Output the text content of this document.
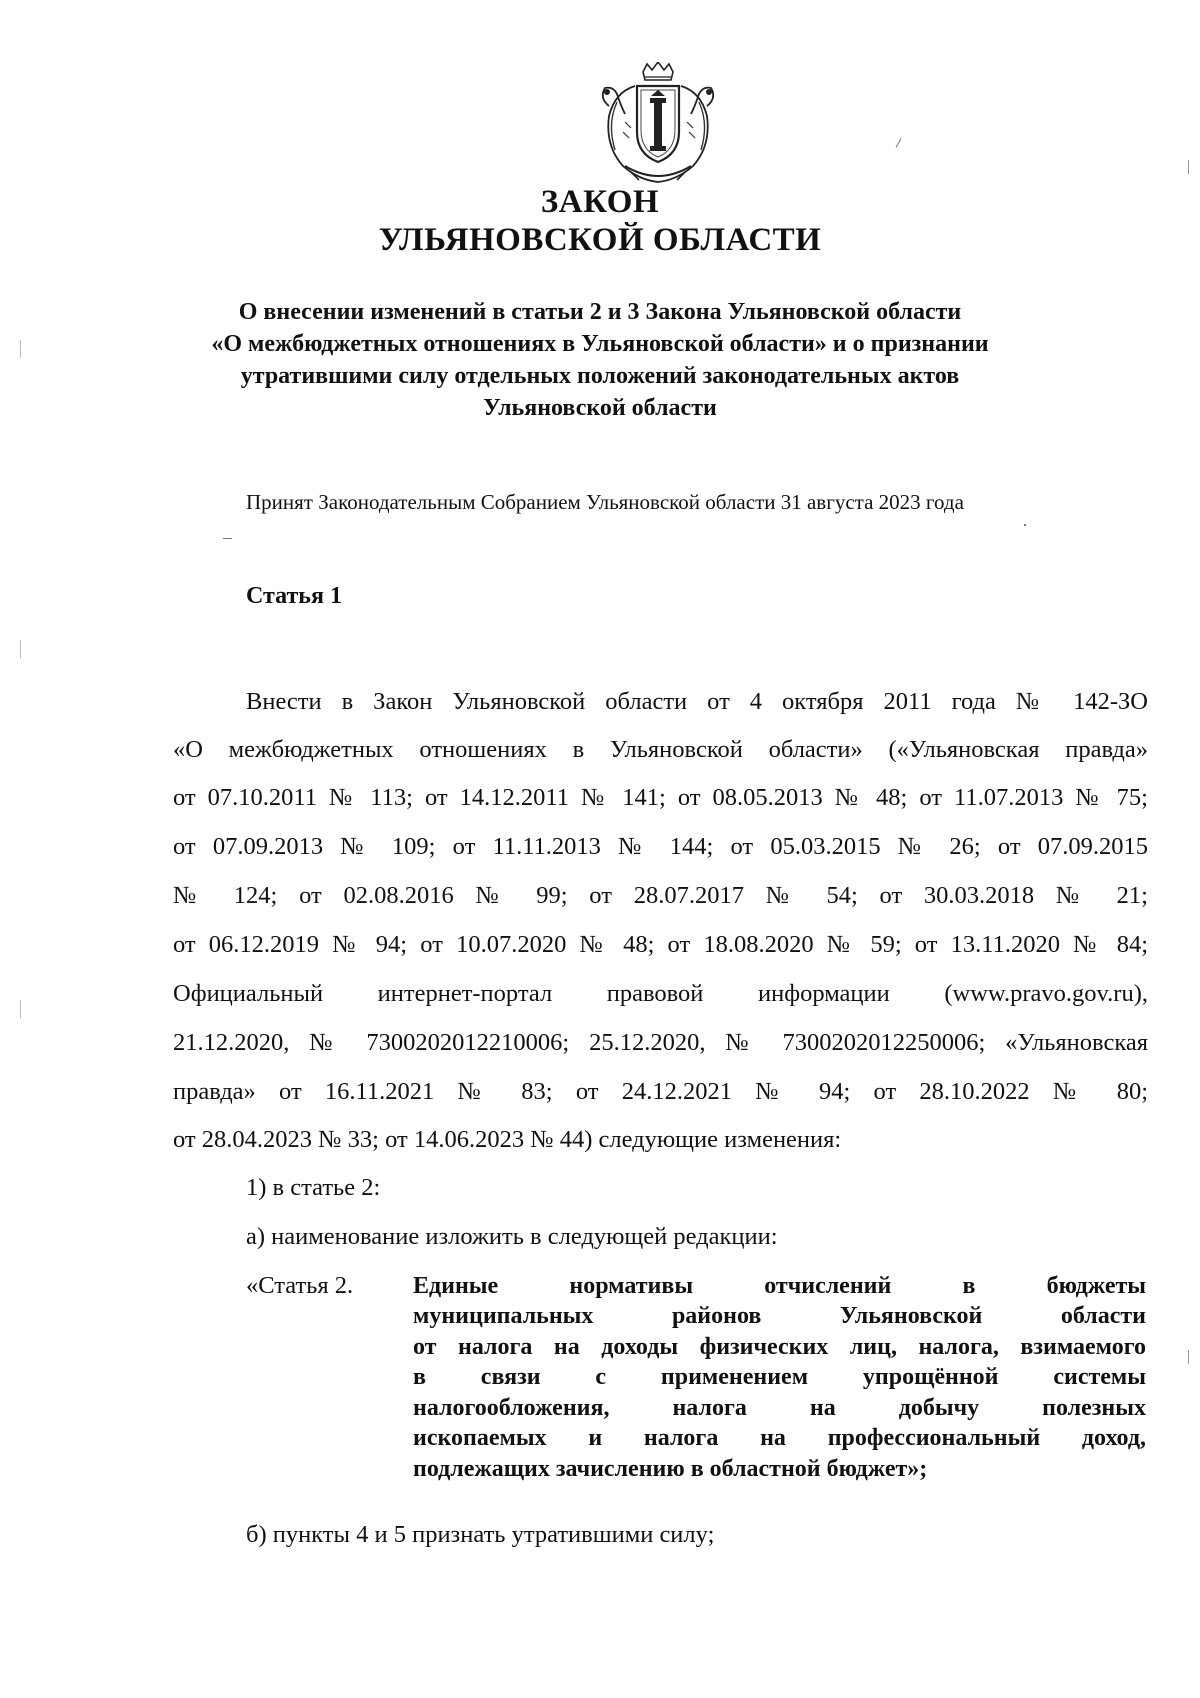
ЗАКОН
УЛЬЯНОВСКОЙ ОБЛАСТИ
О внесении изменений в статьи 2 и 3 Закона Ульяновской области
«О межбюджетных отношениях в Ульяновской области» и о признании
утратившими силу отдельных положений законодательных актов
Ульяновской области
Принят Законодательным Собранием Ульяновской области 31 августа 2023 года
Статья 1
Внести в Закон Ульяновской области от 4 октября 2011 года № 142-ЗО
«О межбюджетных отношениях в Ульяновской области» («Ульяновская правда»
от 07.10.2011 № 113; от 14.12.2011 № 141; от 08.05.2013 № 48; от 11.07.2013 № 75;
от 07.09.2013 № 109; от 11.11.2013 № 144; от 05.03.2015 № 26; от 07.09.2015
№ 124; от 02.08.2016 № 99; от 28.07.2017 № 54; от 30.03.2018 № 21;
от 06.12.2019 № 94; от 10.07.2020 № 48; от 18.08.2020 № 59; от 13.11.2020 № 84;
Официальный интернет-портал правовой информации (www.pravo.gov.ru),
21.12.2020, № 7300202012210006; 25.12.2020, № 7300202012250006; «Ульяновская
правда» от 16.11.2021 № 83; от 24.12.2021 № 94; от 28.10.2022 № 80;
от 28.04.2023 № 33; от 14.06.2023 № 44) следующие изменения:
1) в статье 2:
а) наименование изложить в следующей редакции:
«Статья 2. Единые нормативы отчислений в бюджеты
муниципальных районов Ульяновской области
от налога на доходы физических лиц, налога, взимаемого
в связи с применением упрощённой системы
налогообложения, налога на добычу полезных
ископаемых и налога на профессиональный доход,
подлежащих зачислению в областной бюджет»;
б) пункты 4 и 5 признать утратившими силу;
